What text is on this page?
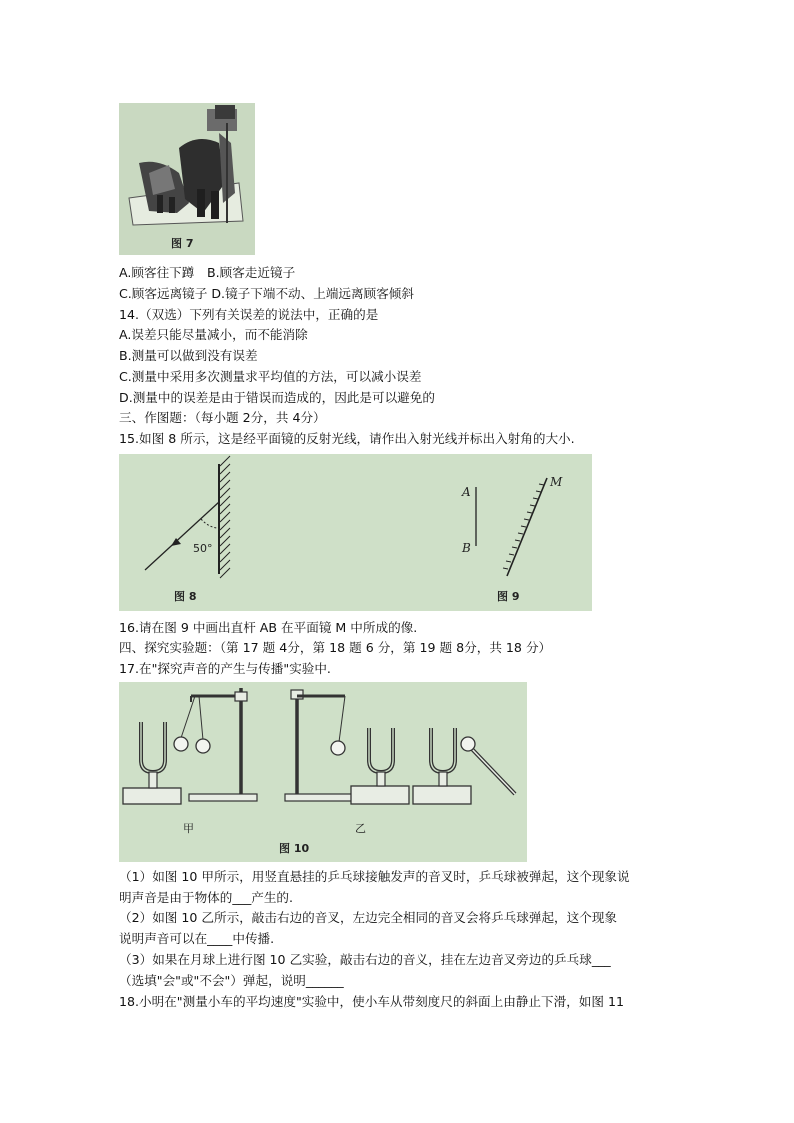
图 7
A.顾客往下蹲　B.顾客走近镜子
C.顾客远离镜子 D.镜子下端不动、上端远离顾客倾斜
14.（双选）下列有关误差的说法中，正确的是
A.误差只能尽量减小，而不能消除
B.测量可以做到没有误差
C.测量中采用多次测量求平均值的方法，可以减小误差
D.测量中的误差是由于错误而造成的，因此是可以避免的
三、作图题：（每小题 2分，共 4分）
15.如图 8 所示，这是经平面镜的反射光线，请作出入射光线并标出入射角的大小.
50°
图 8
A
B
M
图 9
16.请在图 9 中画出直杆 AB 在平面镜 M 中所成的像.
四、探究实验题：（第 17 题 4分，第 18 题 6 分，第 19 题 8分，共 18 分）
17.在"探究声音的产生与传播"实验中.
甲	乙
图 10
（1）如图 10 甲所示，用竖直悬挂的乒乓球接触发声的音叉时，乒乓球被弹起，这个现象说
明声音是由于物体的___产生的.
（2）如图 10 乙所示，敲击右边的音叉，左边完全相同的音叉会将乒乓球弹起，这个现象
说明声音可以在____中传播.
（3）如果在月球上进行图 10 乙实验，敲击右边的音义，挂在左边音叉旁边的乒乓球___
（选填"会"或"不会"）弹起，说明______
18.小明在"测量小车的平均速度"实验中，使小车从带刻度尺的斜面上由静止下滑，如图 11
